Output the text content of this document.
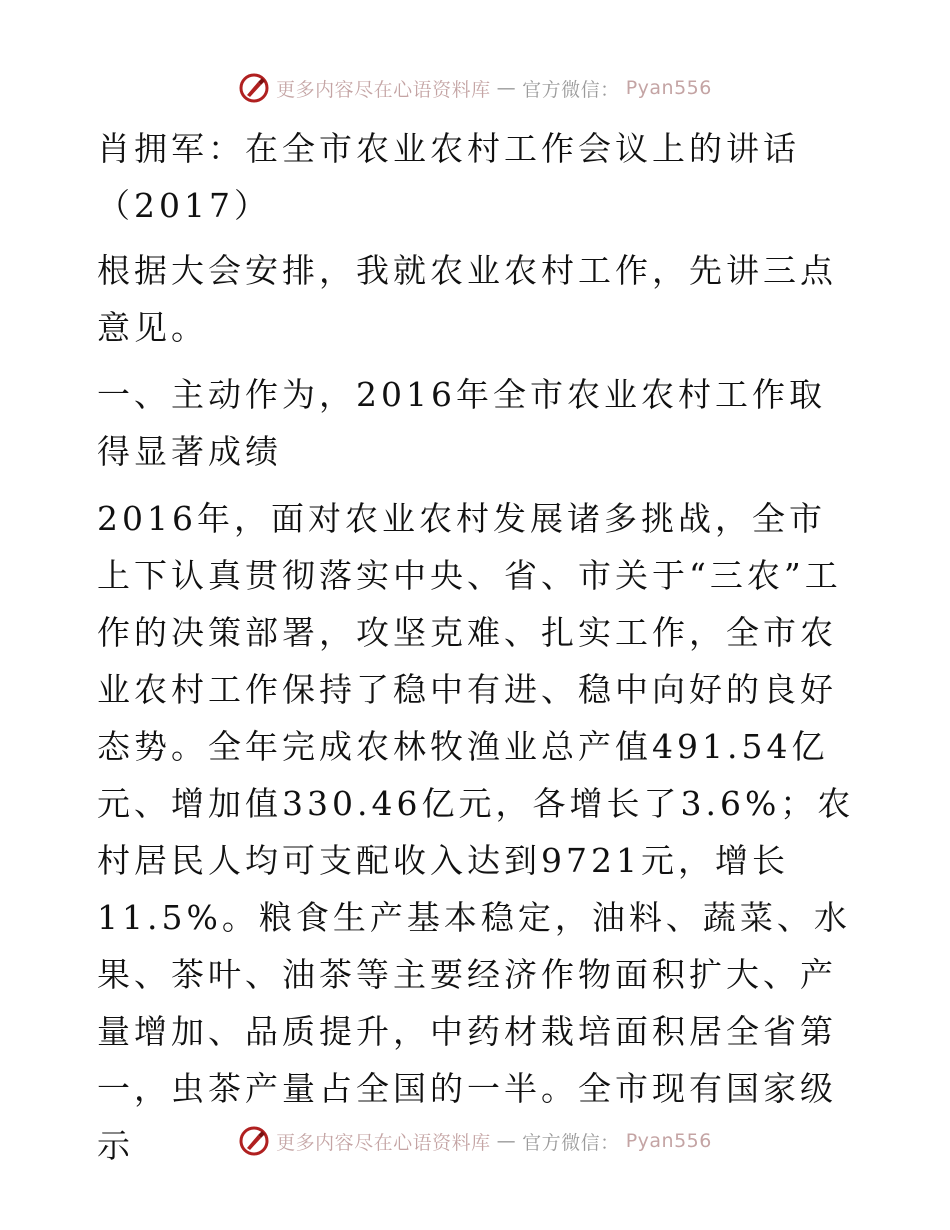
更多内容尽在心语资料库 — 官方微信： Pyan556

肖拥军：在全市农业农村工作会议上的讲话

（2017）

根据大会安排，我就农业农村工作，先讲三点意见。

一、主动作为，2016年全市农业农村工作取得显著成绩

2016年，面对农业农村发展诸多挑战，全市上下认真贯彻落实中央、省、市关于“三农”工作的决策部署，攻坚克难、扎实工作，全市农业农村工作保持了稳中有进、稳中向好的良好态势。全年完成农林牧渔业总产值491.54亿元、增加值330.46亿元，各增长了3.6%；农村居民人均可支配收入达到9721元，增长11.5%。粮食生产基本稳定，油料、蔬菜、水果、茶叶、油茶等主要经济作物面积扩大、产量增加、品质提升，中药材栽培面积居全省第一，虫茶产量占全国的一半。全市现有国家级示	更多内容尽在心语资料库 — 官方微信： Pyan556
